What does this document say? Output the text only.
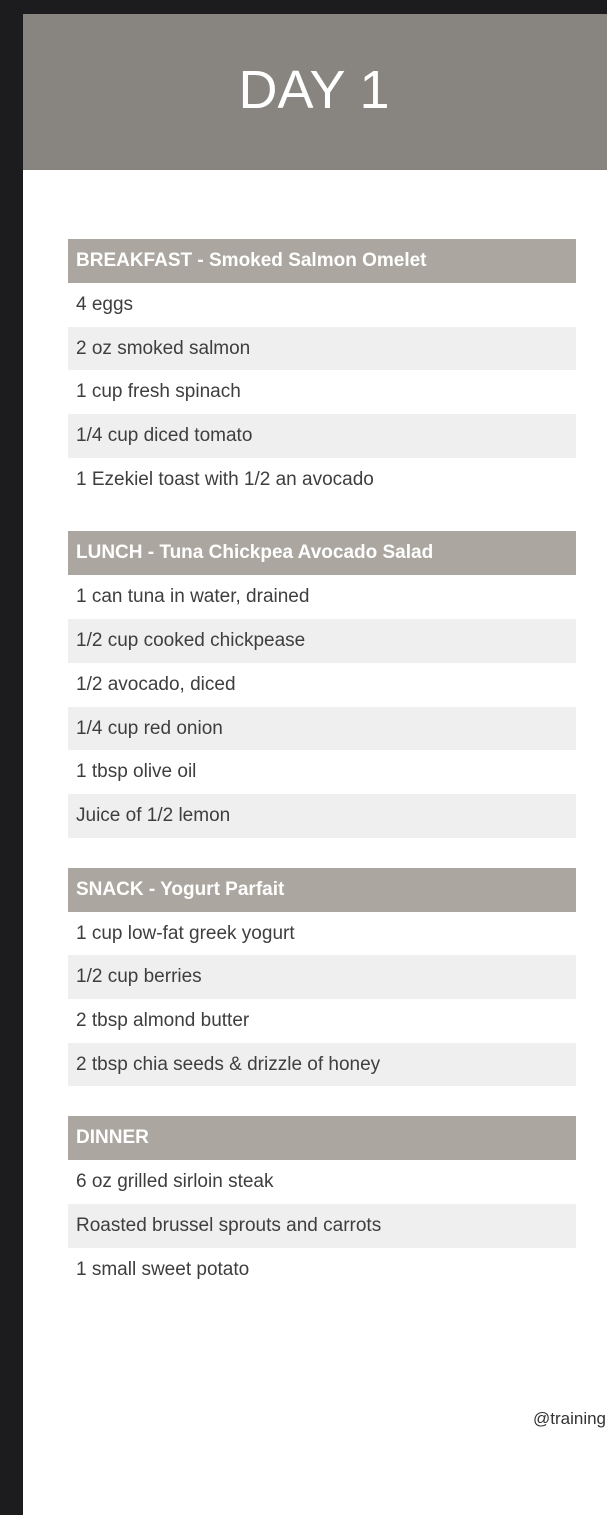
DAY 1
BREAKFAST - Smoked Salmon Omelet
4 eggs
2 oz smoked salmon
1 cup fresh spinach
1/4 cup diced tomato
1 Ezekiel toast with 1/2 an avocado
LUNCH - Tuna Chickpea Avocado Salad
1 can tuna in water, drained
1/2 cup cooked chickpease
1/2 avocado, diced
1/4 cup red onion
1 tbsp olive oil
Juice of 1/2 lemon
SNACK - Yogurt Parfait
1 cup low-fat greek yogurt
1/2 cup berries
2 tbsp almond butter
2 tbsp chia seeds & drizzle of honey
DINNER
6 oz grilled sirloin steak
Roasted brussel sprouts and carrots
1 small sweet potato
@training
